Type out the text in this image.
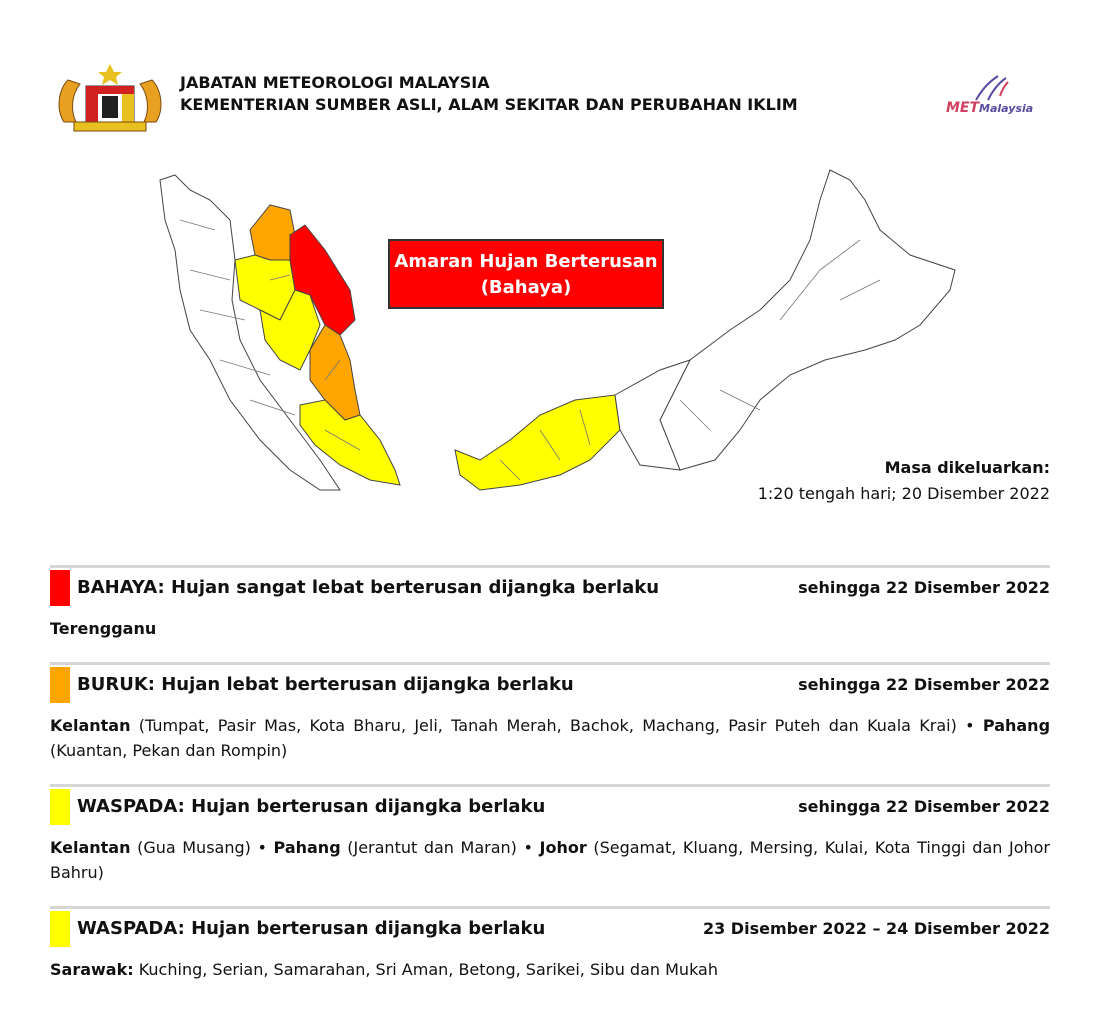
JABATAN METEOROLOGI MALAYSIA
KEMENTERIAN SUMBER ASLI, ALAM SEKITAR DAN PERUBAHAN IKLIM	METMalaysia
Amaran Hujan Berterusan
(Bahaya)
Masa dikeluarkan:
1:20 tengah hari; 20 Disember 2022
BAHAYA: Hujan sangat lebat berterusan dijangka berlaku	sehingga 22 Disember 2022
Terengganu
BURUK: Hujan lebat berterusan dijangka berlaku	sehingga 22 Disember 2022
Kelantan (Tumpat, Pasir Mas, Kota Bharu, Jeli, Tanah Merah, Bachok, Machang, Pasir Puteh dan Kuala Krai) • Pahang (Kuantan, Pekan dan Rompin)
WASPADA: Hujan berterusan dijangka berlaku	sehingga 22 Disember 2022
Kelantan (Gua Musang) • Pahang (Jerantut dan Maran) • Johor (Segamat, Kluang, Mersing, Kulai, Kota Tinggi dan Johor Bahru)
WASPADA: Hujan berterusan dijangka berlaku	23 Disember 2022 – 24 Disember 2022
Sarawak: Kuching, Serian, Samarahan, Sri Aman, Betong, Sarikei, Sibu dan Mukah
